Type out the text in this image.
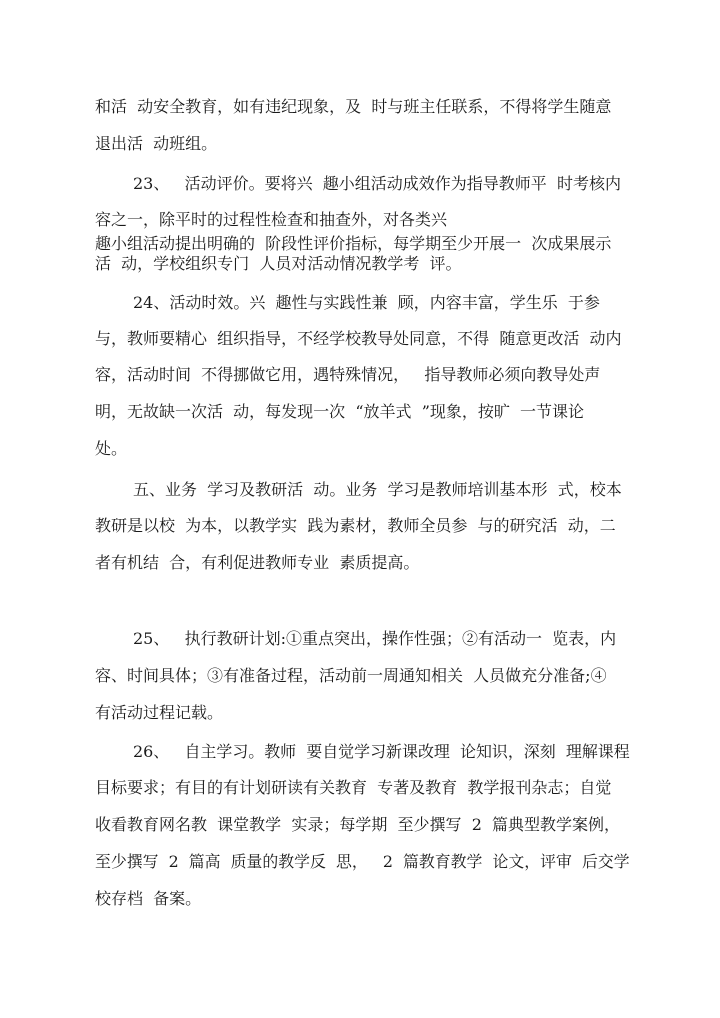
和活  动安全教育，如有违纪现象，及  时与班主任联系，不得将学生随意
退出活  动班组。
23、   活动评价。要将兴  趣小组活动成效作为指导教师平  时考核内
容之一，除平时的过程性检查和抽查外，对各类兴
趣小组活动提出明确的  阶段性评价指标，每学期至少开展一  次成果展示
活  动，学校组织专门  人员对活动情况教学考  评。
24、活动时效。兴  趣性与实践性兼  顾，内容丰富，学生乐  于参
与，教师要精心  组织指导，不经学校教导处同意，不得  随意更改活  动内
容，活动时间  不得挪做它用，遇特殊情况，   指导教师必须向教导处声
明，无故缺一次活  动，每发现一次  “放羊式  ”现象，按旷  一节课论
处。
五、业务  学习及教研活  动。业务  学习是教师培训基本形  式，校本
教研是以校  为本，以教学实  践为素材，教师全员参  与的研究活  动，二
者有机结  合，有利促进教师专业  素质提高。
25、   执行教研计划:①重点突出，操作性强；②有活动一  览表，内
容、时间具体；③有准备过程，活动前一周通知相关  人员做充分准备;④
有活动过程记载。
26、   自主学习。教师  要自觉学习新课改理  论知识，深刻  理解课程
目标要求；有目的有计划研读有关教育  专著及教育  教学报刊杂志；自觉
收看教育网名教  课堂教学  实录；每学期  至少撰写  2  篇典型教学案例，
至少撰写  2  篇高  质量的教学反  思，   2  篇教育教学  论文，评审  后交学
校存档  备案。
